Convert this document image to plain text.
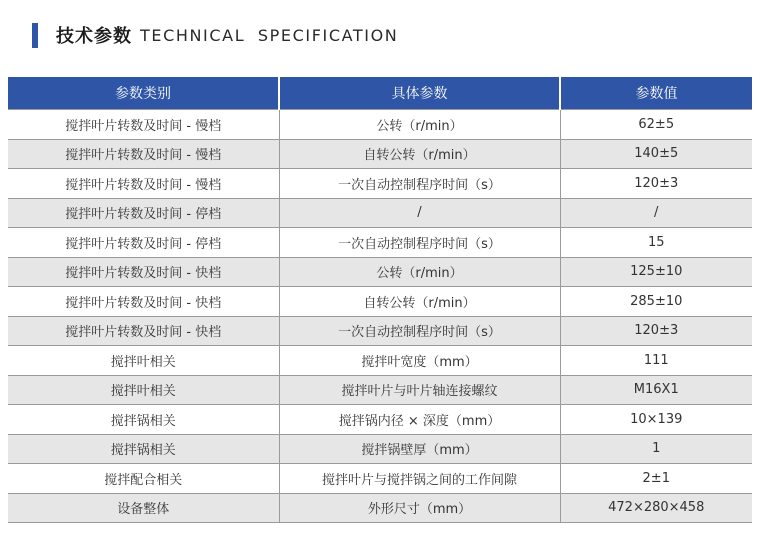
技术参数 TECHNICAL SPECIFICATION
参数类别	具体参数	参数值
搅拌叶片转数及时间 - 慢档	公转（r/min）	62±5
搅拌叶片转数及时间 - 慢档	自转公转（r/min）	140±5
搅拌叶片转数及时间 - 慢档	一次自动控制程序时间（s）	120±3
搅拌叶片转数及时间 - 停档	/	/
搅拌叶片转数及时间 - 停档	一次自动控制程序时间（s）	15
搅拌叶片转数及时间 - 快档	公转（r/min）	125±10
搅拌叶片转数及时间 - 快档	自转公转（r/min）	285±10
搅拌叶片转数及时间 - 快档	一次自动控制程序时间（s）	120±3
搅拌叶相关	搅拌叶宽度（mm）	111
搅拌叶相关	搅拌叶片与叶片轴连接螺纹	M16X1
搅拌锅相关	搅拌锅内径 × 深度（mm）	10×139
搅拌锅相关	搅拌锅壁厚（mm）	1
搅拌配合相关	搅拌叶片与搅拌锅之间的工作间隙	2±1
设备整体	外形尺寸（mm）	472×280×458
